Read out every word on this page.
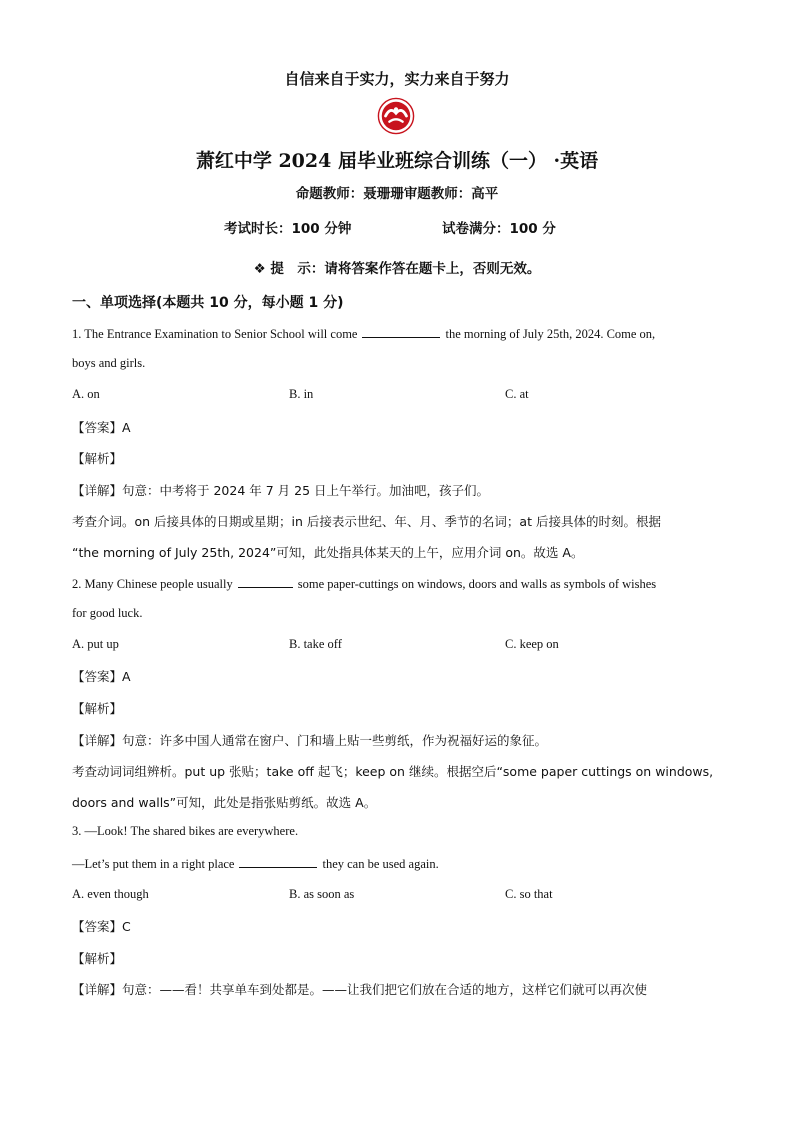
自信来自于实力，实力来自于努力
萧红中学 2024 届毕业班综合训练（一） ·英语
命题教师：聂珊珊审题教师：高平
考试时长：100 分钟	试卷满分：100 分
❖ 提　示：请将答案作答在题卡上，否则无效。
一、单项选择(本题共 10 分，每小题 1 分)
1. The Entrance Examination to Senior School will come	the morning of July 25th, 2024. Come on,
boys and girls.
A. on	B. in	C. at
【答案】A
【解析】
【详解】句意：中考将于 2024 年 7 月 25 日上午举行。加油吧，孩子们。
考查介词。on 后接具体的日期或星期；in 后接表示世纪、年、月、季节的名词；at 后接具体的时刻。根据
“the morning of July 25th, 2024”可知，此处指具体某天的上午，应用介词 on。故选 A。
2. Many Chinese people usually	some paper-cuttings on windows, doors and walls as symbols of wishes
for good luck.
A. put up	B. take off	C. keep on
【答案】A
【解析】
【详解】句意：许多中国人通常在窗户、门和墙上贴一些剪纸，作为祝福好运的象征。
考查动词词组辨析。put up 张贴；take off 起飞；keep on 继续。根据空后“some paper cuttings on windows,
doors and walls”可知，此处是指张贴剪纸。故选 A。
3. —Look! The shared bikes are everywhere.
—Let’s put them in a right place	they can be used again.
A. even though	B. as soon as	C. so that
【答案】C
【解析】
【详解】句意：——看！共享单车到处都是。——让我们把它们放在合适的地方，这样它们就可以再次使
